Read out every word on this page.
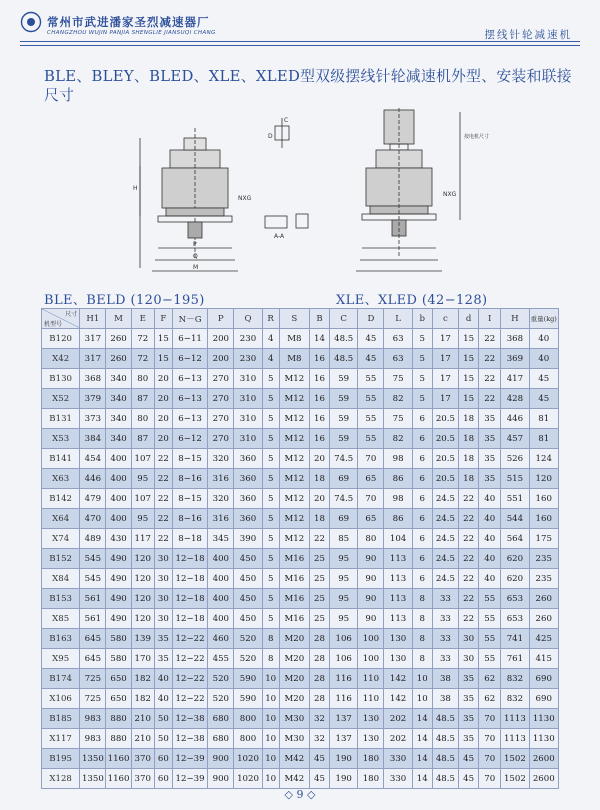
常州市武进潘家圣烈减速器厂
CHANGZHOU WUJIN PANJIA SHENGLIE JIANSUQI CHANG	摆线针轮减速机
BLE、BLEY、BLED、XLE、XLED型双级摆线针轮减速机外型、安装和联接尺寸
H
NXG
P
Q
M
C
D
A-A
NXG
按电机尺寸
BLE、BELD (120−195)	XLE、XLED (42−128)
尺寸
机型号	H1	M	E	F	N－G	P	Q	R	S	B	C	D	L	b	c	d	I	H	重量(kg)
B120	317	260	72	15	6−11	200	230	4	M8	14	48.5	45	63	5	17	15	22	368	40
X42	317	260	72	15	6−12	200	230	4	M8	16	48.5	45	63	5	17	15	22	369	40
B130	368	340	80	20	6−13	270	310	5	M12	16	59	55	75	5	17	15	22	417	45
X52	379	340	87	20	6−13	270	310	5	M12	16	59	55	82	5	17	15	22	428	45
B131	373	340	80	20	6−13	270	310	5	M12	16	59	55	75	6	20.5	18	35	446	81
X53	384	340	87	20	6−12	270	310	5	M12	16	59	55	82	6	20.5	18	35	457	81
B141	454	400	107	22	8−15	320	360	5	M12	20	74.5	70	98	6	20.5	18	35	526	124
X63	446	400	95	22	8−16	316	360	5	M12	18	69	65	86	6	20.5	18	35	515	120
B142	479	400	107	22	8−15	320	360	5	M12	20	74.5	70	98	6	24.5	22	40	551	160
X64	470	400	95	22	8−16	316	360	5	M12	18	69	65	86	6	24.5	22	40	544	160
X74	489	430	117	22	8−18	345	390	5	M12	22	85	80	104	6	24.5	22	40	564	175
B152	545	490	120	30	12−18	400	450	5	M16	25	95	90	113	6	24.5	22	40	620	235
X84	545	490	120	30	12−18	400	450	5	M16	25	95	90	113	6	24.5	22	40	620	235
B153	561	490	120	30	12−18	400	450	5	M16	25	95	90	113	8	33	22	55	653	260
X85	561	490	120	30	12−18	400	450	5	M16	25	95	90	113	8	33	22	55	653	260
B163	645	580	139	35	12−22	460	520	8	M20	28	106	100	130	8	33	30	55	741	425
X95	645	580	170	35	12−22	455	520	8	M20	28	106	100	130	8	33	30	55	761	415
B174	725	650	182	40	12−22	520	590	10	M20	28	116	110	142	10	38	35	62	832	690
X106	725	650	182	40	12−22	520	590	10	M20	28	116	110	142	10	38	35	62	832	690
B185	983	880	210	50	12−38	680	800	10	M30	32	137	130	202	14	48.5	35	70	1113	1130
X117	983	880	210	50	12−38	680	800	10	M30	32	137	130	202	14	48.5	35	70	1113	1130
B195	1350	1160	370	60	12−39	900	1020	10	M42	45	190	180	330	14	48.5	45	70	1502	2600
X128	1350	1160	370	60	12−39	900	1020	10	M42	45	190	180	330	14	48.5	45	70	1502	2600
◇ 9 ◇
